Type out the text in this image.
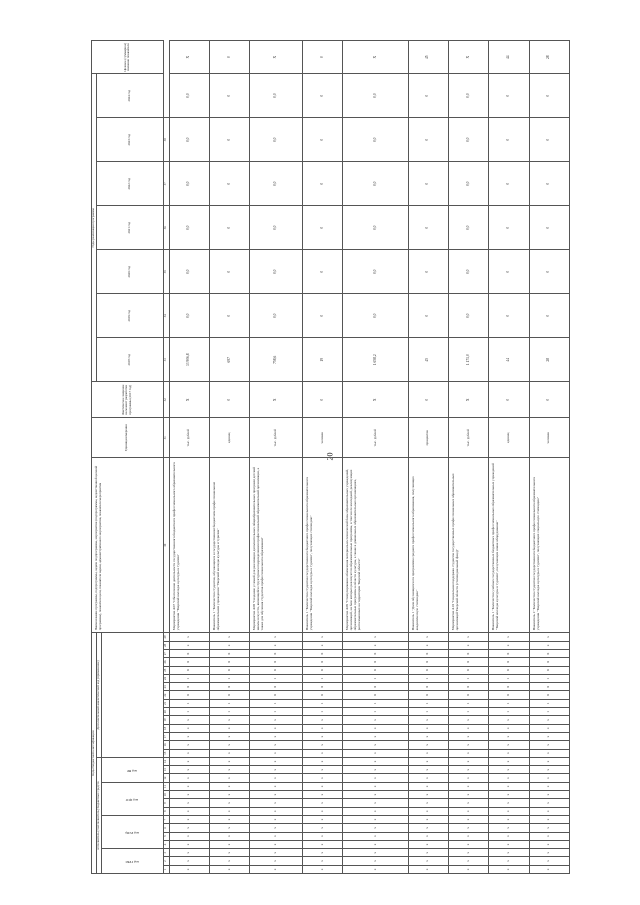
20
Коды бюджетной классификации																													Наименование программы, подпрограммы, задачи подпрограммы, мероприятия (подпрограммы, ведомственной целевой программы), показателя цели, показателя задачи, административного мероприятия, показателя мероприятия	Единица измерения	Фактическое значение на момент разработки программы (2017 год)	Годы реализации программы							Целевое (суммарное) значение показателя
исполнитель (соисполнитель) бюджетных средств														Дополнительный аналитический код (применение)																		2018 год	2019 год	2020 год	2021 год	2022 год	2023 год	2024 год	
код ГРБС			код Рз/Пр				код ЦСР				код ВР																												
1	2	3	4	5	6	7	8	9	10	11	12	13	14	15	16	17	18	19	20	21	22	23	24	25	26	27	28	29	30	31	32	33	34	35	36	37	38		
х	х	х	х	х	х	х	х	х	х	х	х	х	х	х	х	х	х	х	1	1	0	0	1	0	0	0	х	х	Мероприятие 4.07 "Обеспечение деятельности государственного бюджетного профессионального образовательного учреждения "Тверской колледж культуры и туризма"	тыс. рублей	Х	33 906,8	0,0	0,0	0,0	0,0	0,0	0,0	Х
х	х	х	х	х	х	х	х	х	х	х	х	х	х	х	х	х	х	х	1	1	0	0	1	0	0	0	х	х	Показатель 1 "Количество студентов, обучающихся в государственном бюджетном профессиональном образовательном учреждении "Тверской колледж культуры и туризма"	единиц	0	697	0	0	0	0	0	0	0
х	х	х	х	х	х	х	х	х	х	х	х	х	х	х	х	х	х	х	1	1	0	0	1	0	0	0	х	х	Мероприятие 4.08 "Создание условий для реализации дополнительных общеобразовательных программ детской школы искусств, являющейся структурным подразделением профессиональной образовательной организации, а также для обучения студентов профессионального образования"	тыс. рублей	Х	758,6	0,0	0,0	0,0	0,0	0,0	0,0	Х
х	х	х	х	х	х	х	х	х	х	х	х	х	х	х	х	х	х	х	1	1	0	0	1	0	0	0	х	х	Показатель 1 "Количество студентов государственного бюджетного профессионального образовательного учреждения "Тверской колледж культуры и туризма", получающих стипендию"	человек	0	19	0	0	0	0	0	0	0
х	х	х	х	х	х	х	х	х	х	х	х	х	х	х	х	х	х	х	1	1	0	0	1	0	0	0	х	х	Мероприятие 4.09 "Стимулирование обновления материально-технической базы образовательных учреждений, организаций, на базе которых реализуются образовательные программы, в том числе колледжей, реализующих образовательные программы в области культуры, а также в дошкольных образовательных организациях, расположенных на территории Тверской области"	тыс. рублей	Х	1 658,2	0,0	0,0	0,0	0,0	0,0	0,0	Х
х	х	х	х	х	х	х	х	х	х	х	х	х	х	х	х	х	х	х	1	1	0	0	1	0	0	0	х	х	Показатель 1 "Доля обучающихся по программам среднего профессионального образования, получающих академическую стипендию"	процентов	0	45	0	0	0	0	0	0	45
х	х	х	х	х	х	х	х	х	х	х	х	х	х	х	х	х	х	х	1	1	0	0	1	0	0	0	х	х	Мероприятие 4.10 "Социальная поддержка студентов государственных профессиональных образовательных организаций Тверской области (стипендиальный фонд)"	тыс. рублей	Х	1 171,0	0,0	0,0	0,0	0,0	0,0	0,0	Х
х	х	х	х	х	х	х	х	х	х	х	х	х	х	х	х	х	х	х	1	1	0	0	1	0	0	0	х	х	Показатель 1 "Количество учебных государственных бюджетных профессиональных образовательных учреждений "Тверской колледж культуры и туризма", получающих новое оборудование"	единиц	0	44	0	0	0	0	0	0	44
х	х	х	х	х	х	х	х	х	х	х	х	х	х	х	х	х	х	х	1	1	0	0	1	0	0	0	х	х	Показатель 2 "Количество студентов государственного бюджетного профессионального образовательного учреждения "Тверской колледж культуры и туризма", получающих социальную стипендию"	человек	0	28	0	0	0	0	0	0	28
